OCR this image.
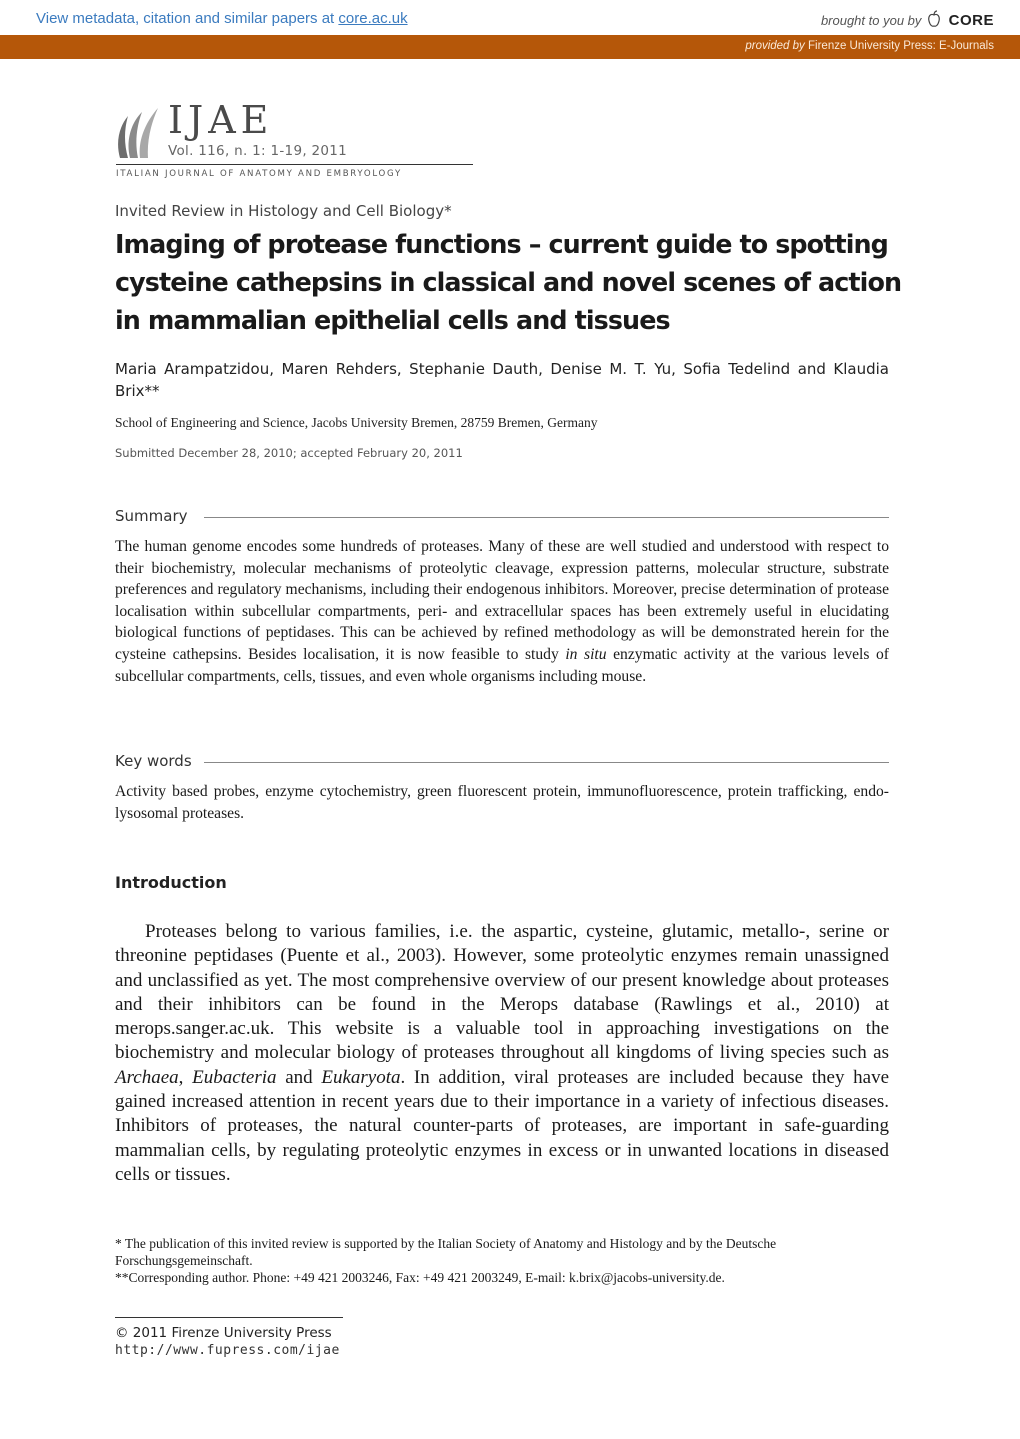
View metadata, citation and similar papers at core.ac.uk	brought to you by CORE
provided by Firenze University Press: E-Journals
IJAE
Vol. 116, n. 1: 1-19, 2011
ITALIAN JOURNAL OF ANATOMY AND EMBRYOLOGY
Invited Review in Histology and Cell Biology*
Imaging of protease functions – current guide to spotting cysteine cathepsins in classical and novel scenes of action in mammalian epithelial cells and tissues
Maria Arampatzidou, Maren Rehders, Stephanie Dauth, Denise M. T. Yu, Sofia Tedelind and Klaudia Brix**
School of Engineering and Science, Jacobs University Bremen, 28759 Bremen, Germany
Submitted December 28, 2010; accepted February 20, 2011
Summary

The human genome encodes some hundreds of proteases. Many of these are well studied and understood with respect to their biochemistry, molecular mechanisms of proteolytic cleavage, expression patterns, molecular structure, substrate preferences and regulatory mechanisms, including their endogenous inhibitors. Moreover, precise determination of protease localisation within subcellular compartments, peri- and extracellular spaces has been extremely useful in elucidating biological functions of peptidases. This can be achieved by refined methodology as will be demonstrated herein for the cysteine cathepsins. Besides localisation, it is now feasible to study in situ enzymatic activity at the various levels of subcellular compartments, cells, tissues, and even whole organisms including mouse.

Key words

Activity based probes, enzyme cytochemistry, green fluorescent protein, immunofluorescence, protein trafficking, endo-lysosomal proteases.

Introduction

Proteases belong to various families, i.e. the aspartic, cysteine, glutamic, metallo-, serine or threonine peptidases (Puente et al., 2003). However, some proteolytic enzymes remain unassigned and unclassified as yet. The most comprehensive overview of our present knowledge about proteases and their inhibitors can be found in the Merops database (Rawlings et al., 2010) at merops.sanger.ac.uk. This website is a valuable tool in approaching investigations on the biochemistry and molecular biology of proteases throughout all kingdoms of living species such as Archaea, Eubacteria and Eukaryota. In addition, viral proteases are included because they have gained increased attention in recent years due to their importance in a variety of infectious diseases. Inhibitors of proteases, the natural counter-parts of proteases, are important in safe-guarding mammalian cells, by regulating proteolytic enzymes in excess or in unwanted locations in diseased cells or tissues.

* The publication of this invited review is supported by the Italian Society of Anatomy and Histology and by the Deutsche Forschungsgemeinschaft.

**Corresponding author. Phone: +49 421 2003246, Fax: +49 421 2003249, E-mail: k.brix@jacobs-university.de.

© 2011 Firenze University Press
http://www.fupress.com/ijae
